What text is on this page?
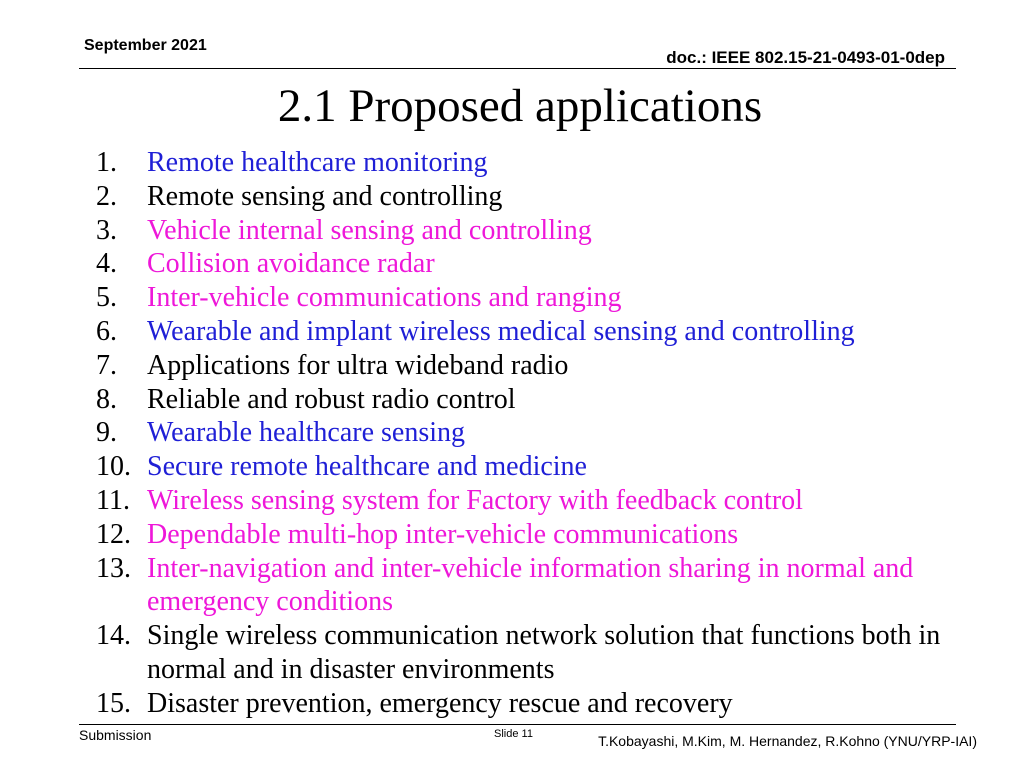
September 2021
doc.: IEEE 802.15-21-0493-01-0dep
2.1 Proposed applications
1.	Remote healthcare monitoring
2.	Remote sensing and controlling
3.	Vehicle internal sensing and controlling
4.	Collision avoidance radar
5.	Inter-vehicle communications and ranging
6.	Wearable and implant wireless medical sensing and controlling
7.	Applications for ultra wideband radio
8.	Reliable and robust radio control
9.	Wearable healthcare sensing
10. Secure remote healthcare and medicine
11. Wireless sensing system for Factory with feedback control
12. Dependable multi-hop inter-vehicle communications
13. Inter-navigation and inter-vehicle information sharing in normal and emergency conditions
14. Single wireless communication network solution that functions both in normal and in disaster environments
15. Disaster prevention, emergency rescue and recovery
Submission	Slide 11	T.Kobayashi, M.Kim, M. Hernandez, R.Kohno (YNU/YRP-IAI)
